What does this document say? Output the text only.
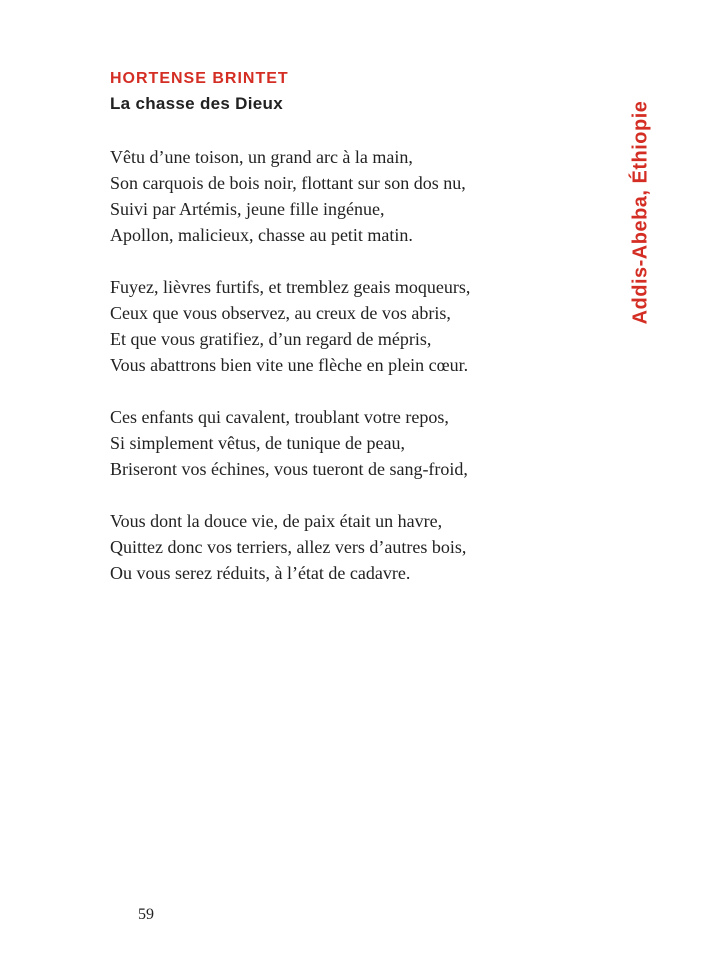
HORTENSE BRINTET
La chasse des Dieux
Vêtu d’une toison, un grand arc à la main,
Son carquois de bois noir, flottant sur son dos nu,
Suivi par Artémis, jeune fille ingénue,
Apollon, malicieux, chasse au petit matin.
Fuyez, lièvres furtifs, et tremblez geais moqueurs,
Ceux que vous observez, au creux de vos abris,
Et que vous gratifiez, d’un regard de mépris,
Vous abattrons bien vite une flèche en plein cœur.
Ces enfants qui cavalent, troublant votre repos,
Si simplement vêtus, de tunique de peau,
Briseront vos échines, vous tueront de sang-froid,
Vous dont la douce vie, de paix était un havre,
Quittez donc vos terriers, allez vers d’autres bois,
Ou vous serez réduits, à l’état de cadavre.
Addis-Abeba, Éthiopie
59
